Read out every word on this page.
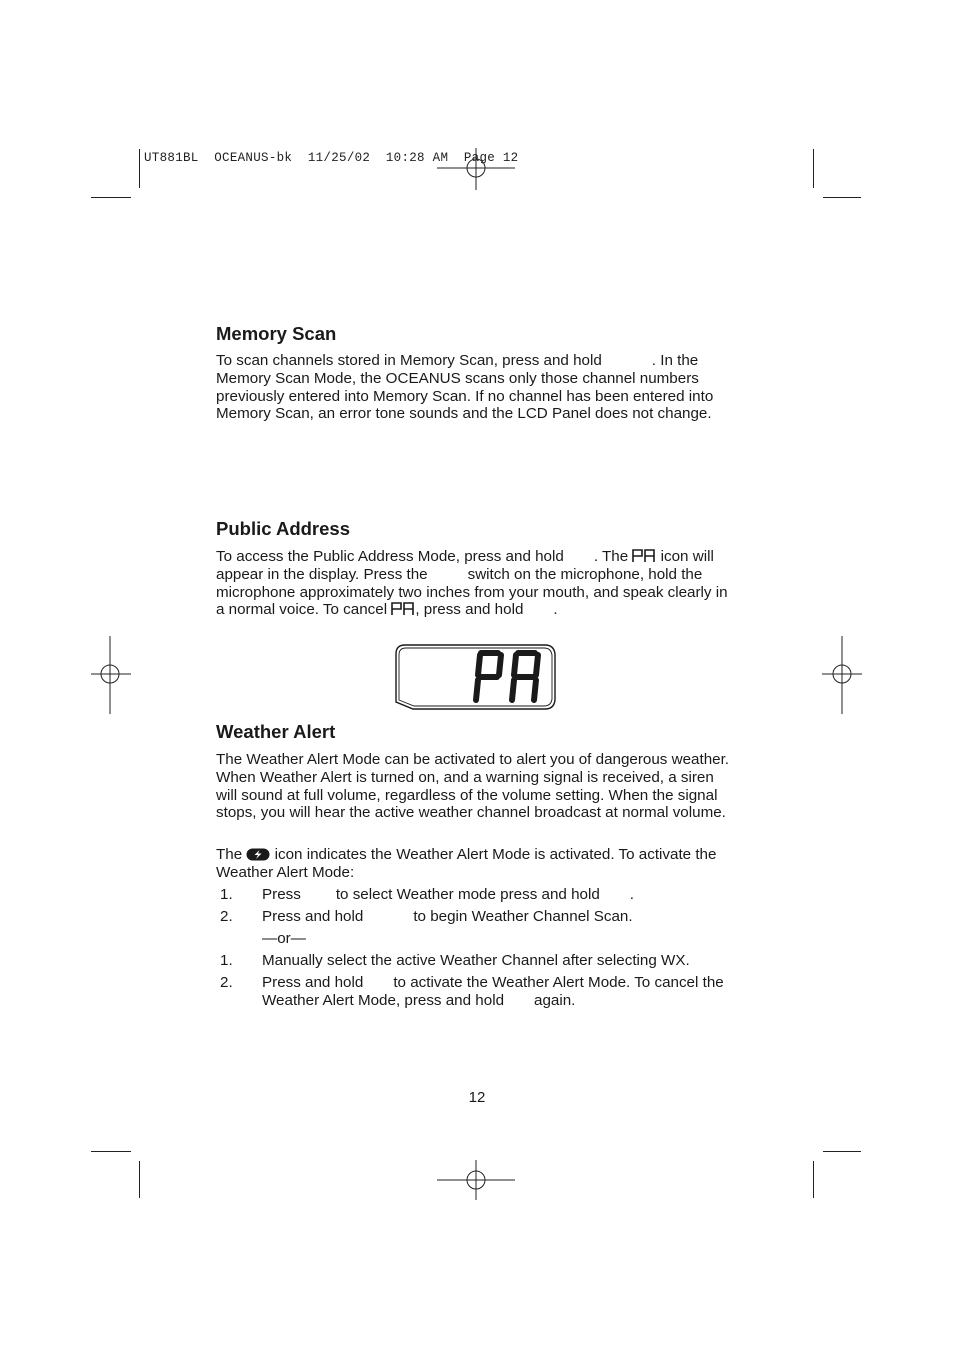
UT881BL  OCEANUS-bk  11/25/02  10:28 AM  Page 12
Memory Scan

To scan channels stored in Memory Scan, press and hold	. In the Memory Scan Mode, the OCEANUS scans only those channel numbers previously entered into Memory Scan. If no channel has been entered into Memory Scan, an error tone sounds and the LCD Panel does not change.

Public Address

To access the Public Address Mode, press and hold . The icon will appear in the display. Press the	switch on the microphone, hold the microphone approximately two inches from your mouth, and speak clearly in a normal voice. To cancel , press and hold .

Weather Alert

The Weather Alert Mode can be activated to alert you of dangerous weather. When Weather Alert is turned on, and a warning signal is received, a siren will sound at full volume, regardless of the volume setting. When the signal stops, you will hear the active weather channel broadcast at normal volume.

The icon indicates the Weather Alert Mode is activated. To activate the Weather Alert Mode:

1. Press to select Weather mode press and hold .
2. Press and hold	to begin Weather Channel Scan.
—or—
1. Manually select the active Weather Channel after selecting WX.
2. Press and hold to activate the Weather Alert Mode. To cancel the Weather Alert Mode, press and hold again.
12
